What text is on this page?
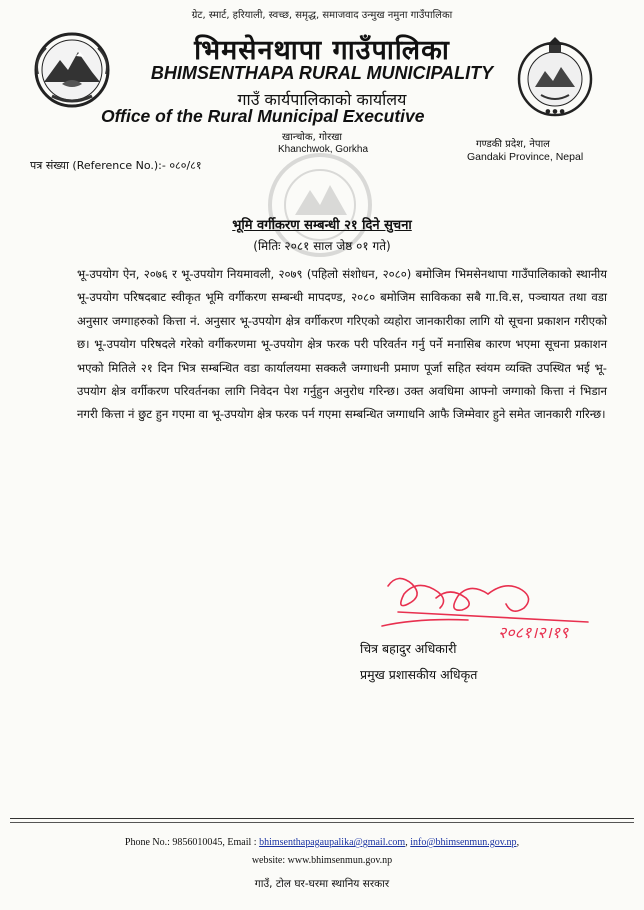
● ● ●
ग्रेट, स्मार्ट, हरियाली, स्वच्छ, समृद्ध, समाजवाद उन्मुख नमुना गाउँपालिका
भिमसेनथापा गाउँपालिका
BHIMSENTHAPA RURAL MUNICIPALITY
गाउँ कार्यपालिकाको कार्यालय
Office of the Rural Municipal Executive
खान्चोक, गोरखा
Khanchwok, Gorkha	गण्डकी प्रदेश, नेपाल
Gandaki Province, Nepal
पत्र संख्या (Reference No.):- ०८०/८१
भूमि वर्गीकरण सम्बन्धी २१ दिने सुचना
(मितिः २०८१ साल जेष्ठ ०१ गते)
भू-उपयोग ऐन, २०७६ र भू-उपयोग नियमावली, २०७९ (पहिलो संशोधन, २०८०) बमोजिम भिमसेनथापा गाउँपालिकाको स्थानीय भू-उपयोग परिषदबाट स्वीकृत भूमि वर्गीकरण सम्बन्धी मापदण्ड, २०८० बमोजिम साविकका सबै गा.वि.स, पञ्चायत तथा वडा अनुसार जग्गाहरुको कित्ता नं. अनुसार भू-उपयोग क्षेत्र वर्गीकरण गरिएको व्यहोरा जानकारीका लागि यो सूचना प्रकाशन गरीएको छ। भू-उपयोग परिषदले गरेको वर्गीकरणमा भू-उपयोग क्षेत्र फरक परी परिवर्तन गर्नु पर्ने मनासिब कारण भएमा सूचना प्रकाशन भएको मितिले २१ दिन भित्र सम्बन्धित वडा कार्यालयमा सक्कलै जग्गाधनी प्रमाण पूर्जा सहित स्वंयम व्यक्ति उपस्थित भई भू-उपयोग क्षेत्र वर्गीकरण परिवर्तनका लागि निवेदन पेश गर्नुहुन अनुरोध गरिन्छ। उक्त अवधिमा आफ्नो जग्गाको कित्ता नं भिडान नगरी कित्ता नं छुट हुन गएमा वा भू-उपयोग क्षेत्र फरक पर्न गएमा सम्बन्धित जग्गाधनि आफै जिम्मेवार हुने समेत जानकारी गरिन्छ।
२०८१।२।१९
चित्र बहादुर अधिकारी
प्रमुख प्रशासकीय अधिकृत
Phone No.: 9856010045, Email : bhimsenthapagaupalika@gmail.com, info@bhimsenmun.gov.np,
website: www.bhimsenmun.gov.np
गाउँ, टोल घर-घरमा स्थानिय सरकार
